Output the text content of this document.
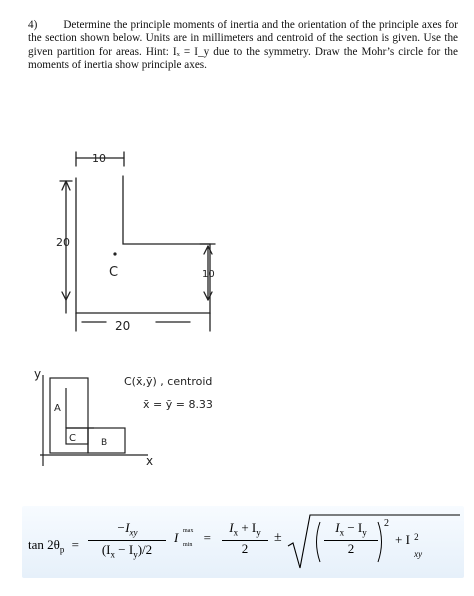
4) Determine the principle moments of inertia and the orientation of the principle axes for the section shown below. Units are in millimeters and centroid of the section is given. Use the given partition for areas. Hint: Iₓ = I_y due to the symmetry. Draw the Mohr’s circle for the moments of inertia show principle axes.
10
20
10
20
C
y
x
A
C	B
C(x̄,ȳ) , centroid
x̄ = ȳ = 8.33
$\tan 2\theta_p$ =
$-I_{xy}$
$(I_x - I_y)/2$
I max
min =
$I_x + I_y$
2
±
$I_x - I_y$
2
2
+ I 2
xy
